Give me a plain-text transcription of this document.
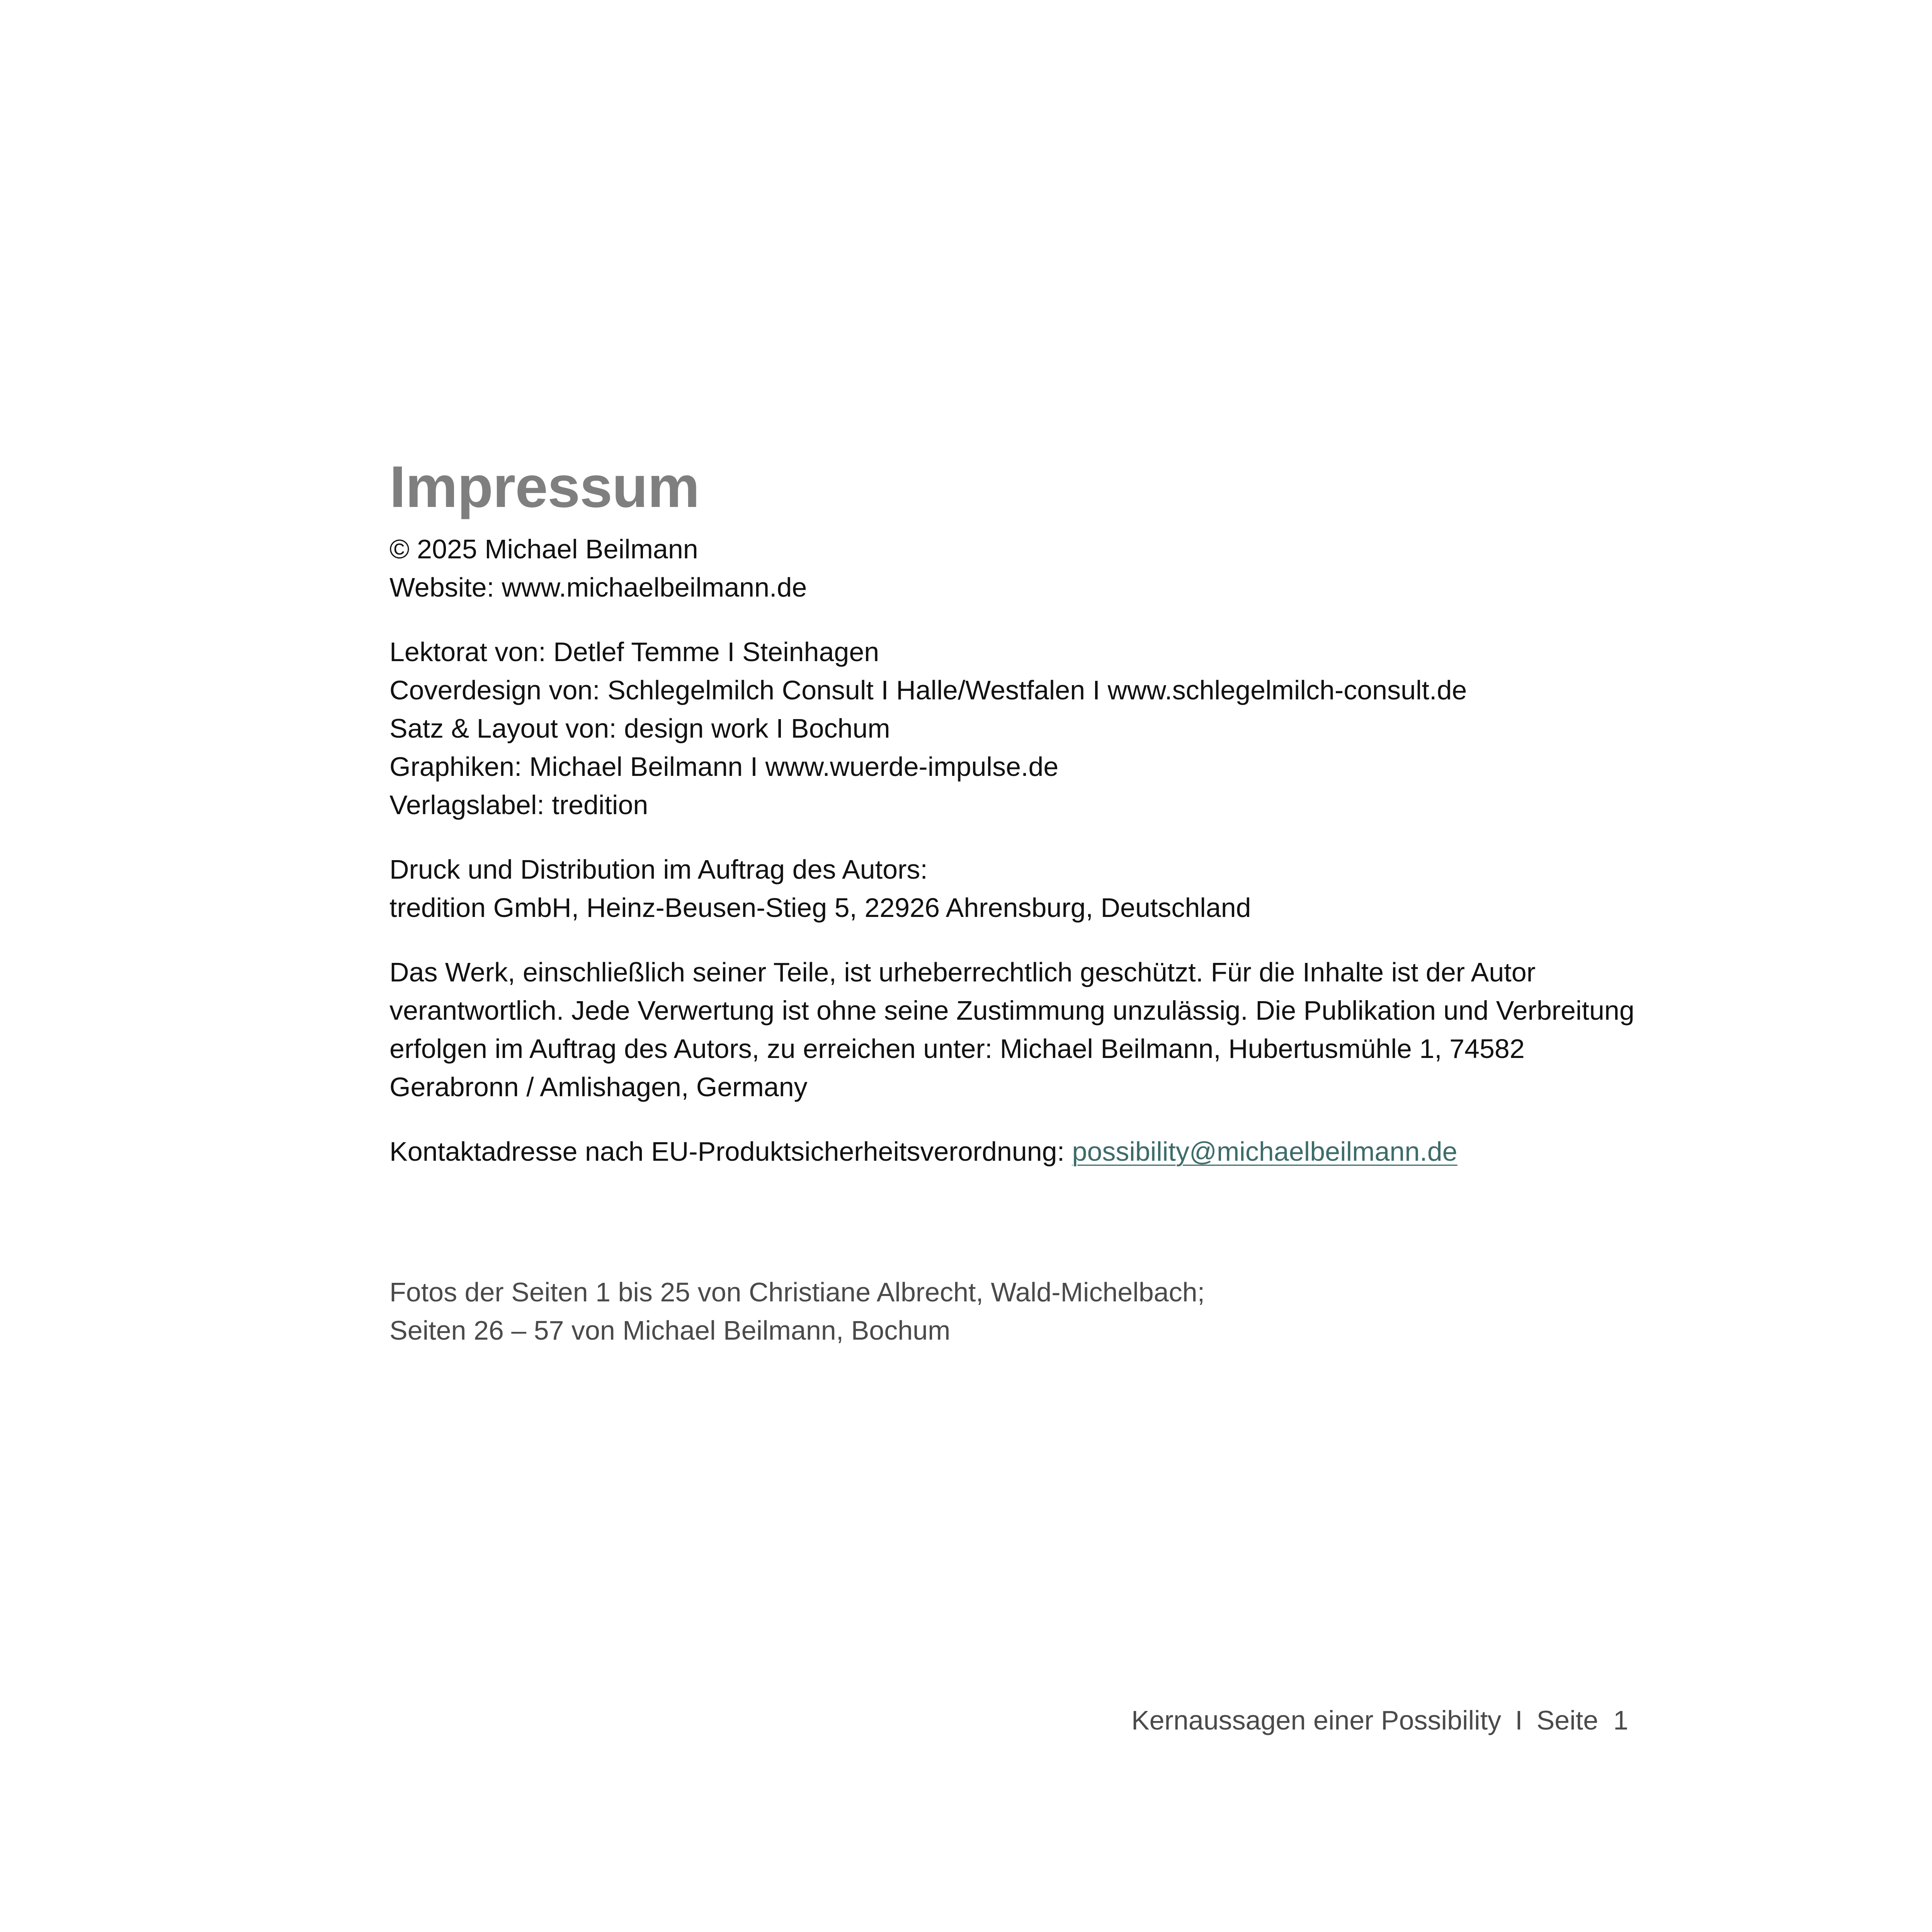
Impressum

© 2025 Michael Beilmann
Website: www.michaelbeilmann.de

Lektorat von: Detlef Temme I Steinhagen
Coverdesign von: Schlegelmilch Consult I Halle/Westfalen I www.schlegelmilch-consult.de
Satz & Layout von: design work I Bochum
Graphiken: Michael Beilmann I www.wuerde-impulse.de
Verlagslabel: tredition

Druck und Distribution im Auftrag des Autors:
tredition GmbH, Heinz-Beusen-Stieg 5, 22926 Ahrensburg, Deutschland

Das Werk, einschließlich seiner Teile, ist urheberrechtlich geschützt. Für die Inhalte ist der Autor verantwortlich. Jede Verwertung ist ohne seine Zustimmung unzulässig. Die Publikation und Verbreitung erfolgen im Auftrag des Autors, zu erreichen unter: Michael Beilmann, Hubertusmühle 1, 74582 Gerabronn / Amlishagen, Germany

Kontaktadresse nach EU-Produktsicherheitsverordnung: possibility@michaelbeilmann.de

Fotos der Seiten 1 bis 25 von Christiane Albrecht, Wald-Michelbach;
Seiten 26 – 57 von Michael Beilmann, Bochum
Kernaussagen einer Possibility I Seite 1
